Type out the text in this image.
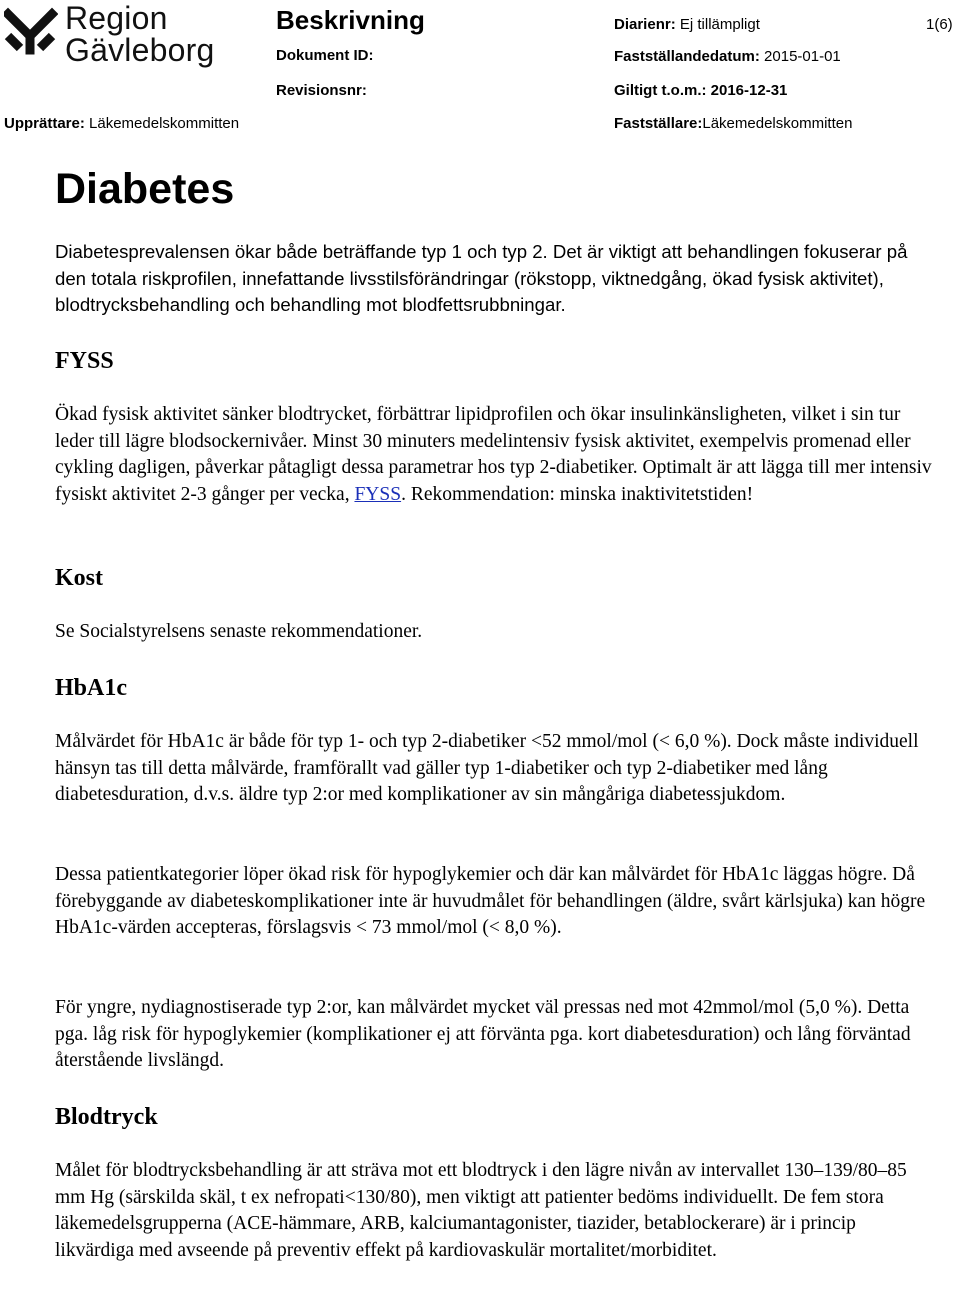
Region
Gävleborg
Beskrivning
Dokument ID:
Revisionsnr:
Diarienr: Ej tillämpligt	1(6)
Fastställandedatum: 2015-01-01
Giltigt t.o.m.: 2016-12-31
Upprättare: Läkemedelskommitten	Fastställare:Läkemedelskommitten
Diabetes
Diabetesprevalensen ökar både beträffande typ 1 och typ 2. Det är viktigt att behandlingen fokuserar på den totala riskprofilen, innefattande livsstilsförändringar (rökstopp, viktnedgång, ökad fysisk aktivitet), blodtrycksbehandling och behandling mot blodfettsrubbningar.
FYSS
Ökad fysisk aktivitet sänker blodtrycket, förbättrar lipidprofilen och ökar insulinkänsligheten, vilket i sin tur leder till lägre blodsockernivåer. Minst 30 minuters medelintensiv fysisk aktivitet, exempelvis promenad eller cykling dagligen, påverkar påtagligt dessa parametrar hos typ 2-diabetiker. Optimalt är att lägga till mer intensiv fysiskt aktivitet 2-3 gånger per vecka, FYSS. Rekommendation: minska inaktivitetstiden!
Kost
Se Socialstyrelsens senaste rekommendationer.
HbA1c
Målvärdet för HbA1c är både för typ 1- och typ 2-diabetiker <52 mmol/mol (< 6,0 %). Dock måste individuell hänsyn tas till detta målvärde, framförallt vad gäller typ 1-diabetiker och typ 2-diabetiker med lång diabetesduration, d.v.s. äldre typ 2:or med komplikationer av sin mångåriga diabetessjukdom.
Dessa patientkategorier löper ökad risk för hypoglykemier och där kan målvärdet för HbA1c läggas högre. Då förebyggande av diabeteskomplikationer inte är huvudmålet för behandlingen (äldre, svårt kärlsjuka) kan högre HbA1c-värden accepteras, förslagsvis < 73 mmol/mol (< 8,0 %).
För yngre, nydiagnostiserade typ 2:or, kan målvärdet mycket väl pressas ned mot 42mmol/mol (5,0 %). Detta pga. låg risk för hypoglykemier (komplikationer ej att förvänta pga. kort diabetesduration) och lång förväntad återstående livslängd.
Blodtryck
Målet för blodtrycksbehandling är att sträva mot ett blodtryck i den lägre nivån av intervallet 130–139/80–85 mm Hg (särskilda skäl, t ex nefropati<130/80), men viktigt att patienter bedöms individuellt. De fem stora läkemedelsgrupperna (ACE-hämmare, ARB, kalciumantagonister, tiazider, betablockerare) är i princip likvärdiga med avseende på preventiv effekt på kardiovaskulär mortalitet/morbiditet.
